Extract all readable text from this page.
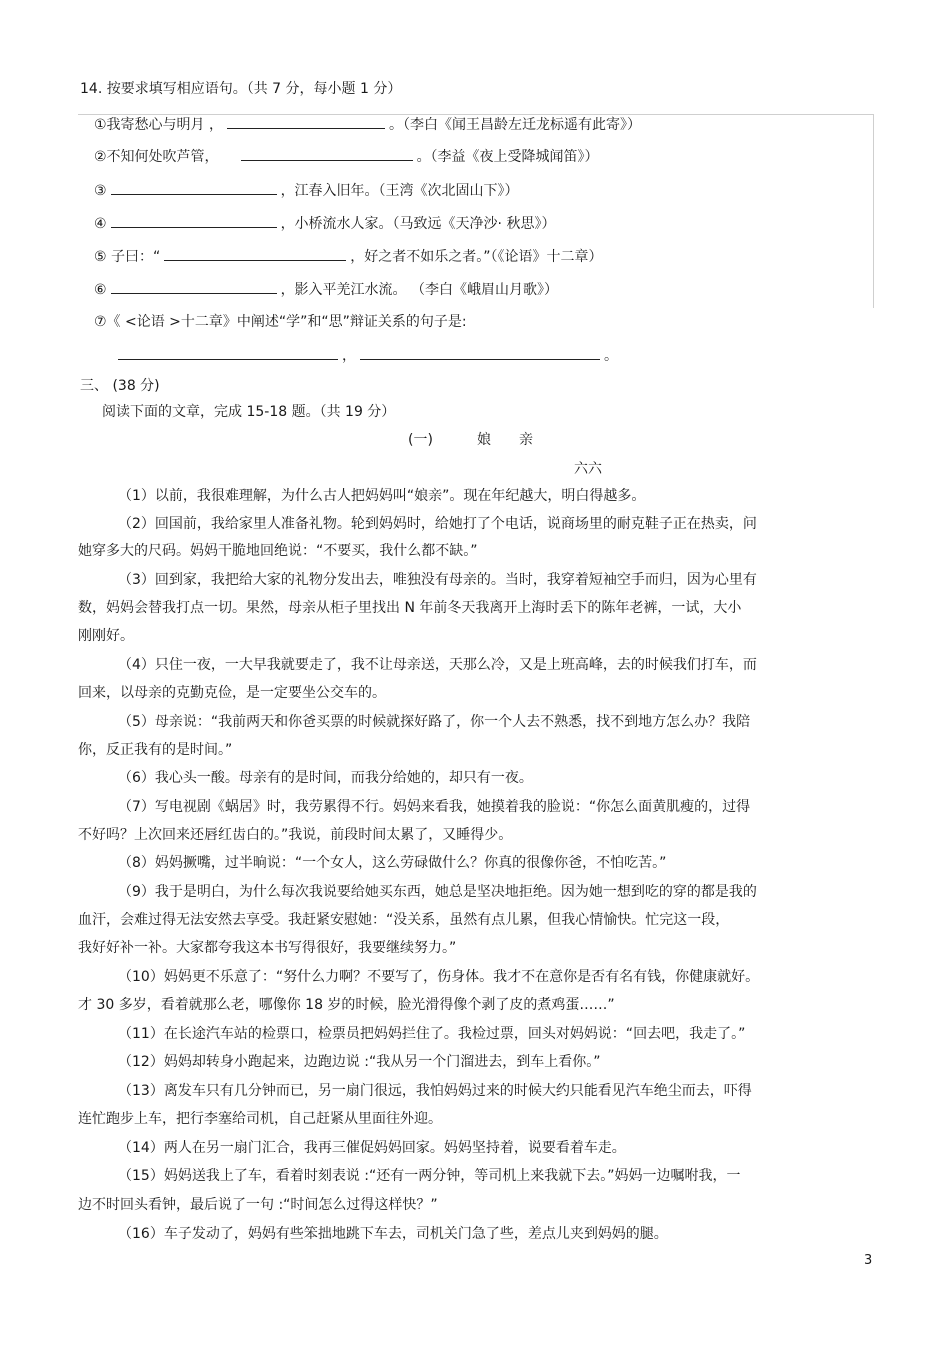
14. 按要求填写相应语句。（共 7 分，每小题 1 分）
①我寄愁心与明月 ，	。（李白《闻王昌龄左迁龙标遥有此寄》）
②不知何处吹芦管，	。（李益《夜上受降城闻笛》）
③	，江春入旧年。（王湾《次北固山下》）
④	，小桥流水人家。（马致远《天净沙· 秋思》）
⑤ 子曰：“	，好之者不如乐之者。”（《论语》十二章）
⑥	，影入平羌江水流。 （李白《峨眉山月歌》）
⑦《 <论语 >十二章》中阐述“学”和“思”辩证关系的句子是:
，	。
三、 (38 分)
阅读下面的文章，完成 15-18 题。（共 19 分）
(一)	娘 亲
六六
（1）以前，我很难理解，为什么古人把妈妈叫“娘亲”。现在年纪越大，明白得越多。
（2）回国前，我给家里人准备礼物。轮到妈妈时，给她打了个电话，说商场里的耐克鞋子正在热卖，问
她穿多大的尺码。妈妈干脆地回绝说：“不要买，我什么都不缺。”
（3）回到家，我把给大家的礼物分发出去，唯独没有母亲的。当时，我穿着短袖空手而归，因为心里有
数，妈妈会替我打点一切。果然，母亲从柜子里找出 N 年前冬天我离开上海时丢下的陈年老裤，一试，大小
刚刚好。
（4）只住一夜，一大早我就要走了，我不让母亲送，天那么冷，又是上班高峰，去的时候我们打车，而
回来，以母亲的克勤克俭，是一定要坐公交车的。
（5）母亲说：“我前两天和你爸买票的时候就探好路了，你一个人去不熟悉，找不到地方怎么办？我陪
你，反正我有的是时间。”
（6）我心头一酸。母亲有的是时间，而我分给她的，却只有一夜。
（7）写电视剧《蜗居》时，我劳累得不行。妈妈来看我，她摸着我的脸说：“你怎么面黄肌瘦的，过得
不好吗？上次回来还唇红齿白的。”我说，前段时间太累了，又睡得少。
（8）妈妈撅嘴，过半晌说：“一个女人，这么劳碌做什么？你真的很像你爸，不怕吃苦。”
（9）我于是明白，为什么每次我说要给她买东西，她总是坚决地拒绝。因为她一想到吃的穿的都是我的
血汗，会难过得无法安然去享受。我赶紧安慰她：“没关系，虽然有点儿累，但我心情愉快。忙完这一段，
我好好补一补。大家都夸我这本书写得很好，我要继续努力。”
（10）妈妈更不乐意了：“努什么力啊？不要写了，伤身体。我才不在意你是否有名有钱，你健康就好。
才 30 多岁，看着就那么老，哪像你 18 岁的时候，脸光滑得像个剥了皮的煮鸡蛋……”
（11）在长途汽车站的检票口，检票员把妈妈拦住了。我检过票，回头对妈妈说：“回去吧，我走了。”
（12）妈妈却转身小跑起来，边跑边说 :“我从另一个门溜进去，到车上看你。”
（13）离发车只有几分钟而已，另一扇门很远，我怕妈妈过来的时候大约只能看见汽车绝尘而去，吓得
连忙跑步上车，把行李塞给司机，自己赶紧从里面往外迎。
（14）两人在另一扇门汇合，我再三催促妈妈回家。妈妈坚持着，说要看着车走。
（15）妈妈送我上了车，看着时刻表说 :“还有一两分钟，等司机上来我就下去。”妈妈一边嘱咐我，一
边不时回头看钟，最后说了一句 :“时间怎么过得这样快？”
（16）车子发动了，妈妈有些笨拙地跳下车去，司机关门急了些，差点儿夹到妈妈的腿。
3
